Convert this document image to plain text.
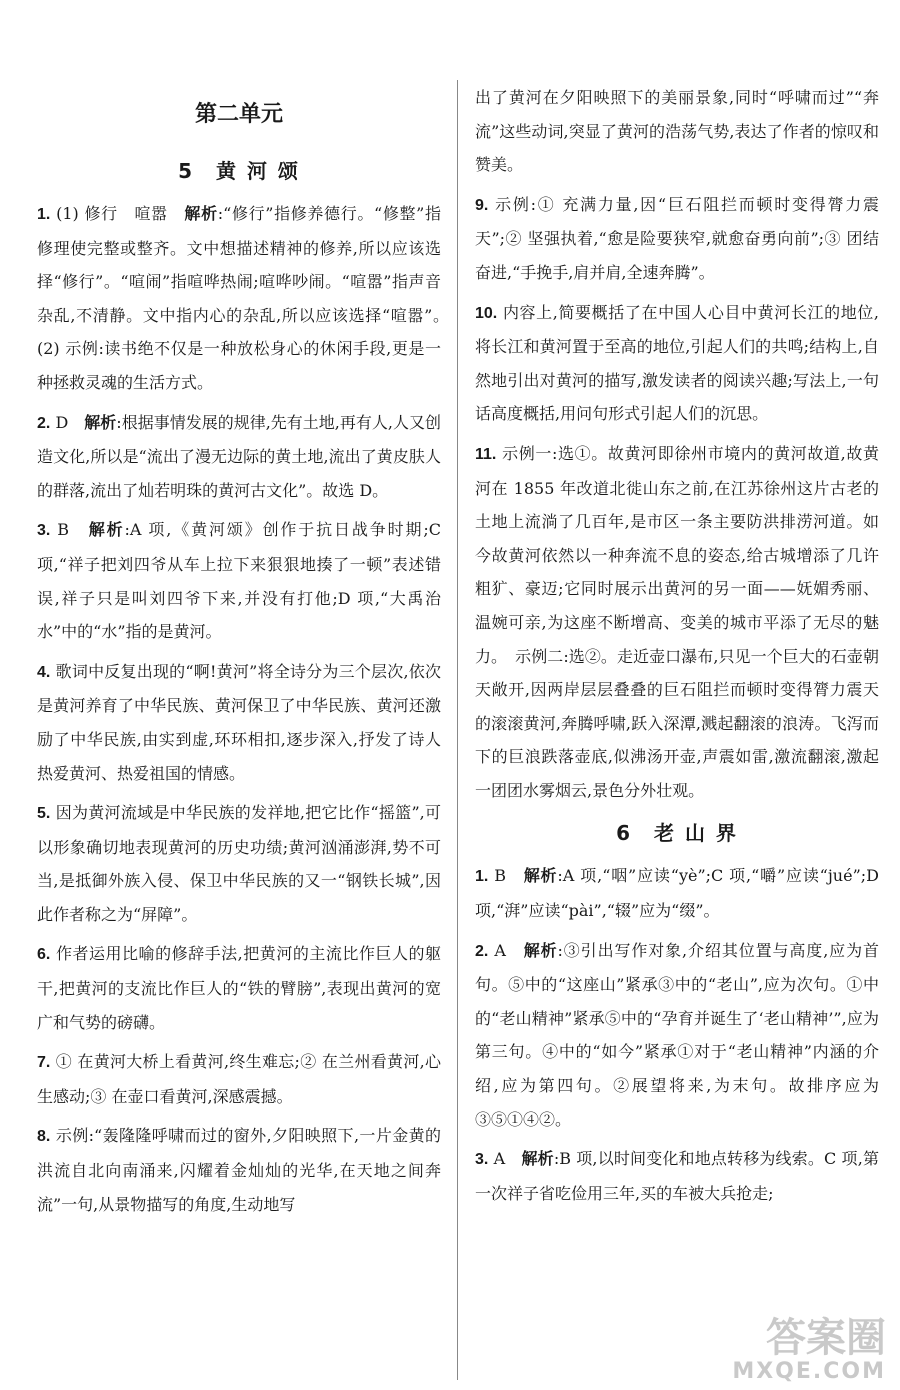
第二单元
5　黄 河 颂
1. (1) 修行　喧嚣　解析:“修行”指修养德行。“修整”指修理使完整或整齐。文中想描述精神的修养,所以应该选择“修行”。“喧闹”指喧哗热闹;喧哗吵闹。“喧嚣”指声音杂乱,不清静。文中指内心的杂乱,所以应该选择“喧嚣”。　(2) 示例:读书绝不仅是一种放松身心的休闲手段,更是一种拯救灵魂的生活方式。
2. D　解析:根据事情发展的规律,先有土地,再有人,人又创造文化,所以是“流出了漫无边际的黄土地,流出了黄皮肤人的群落,流出了灿若明珠的黄河古文化”。故选 D。
3. B　解析:A 项,《黄河颂》创作于抗日战争时期;C 项,“祥子把刘四爷从车上拉下来狠狠地揍了一顿”表述错误,祥子只是叫刘四爷下来,并没有打他;D 项,“大禹治水”中的“水”指的是黄河。
4. 歌词中反复出现的“啊!黄河”将全诗分为三个层次,依次是黄河养育了中华民族、黄河保卫了中华民族、黄河还激励了中华民族,由实到虚,环环相扣,逐步深入,抒发了诗人热爱黄河、热爱祖国的情感。
5. 因为黄河流域是中华民族的发祥地,把它比作“摇篮”,可以形象确切地表现黄河的历史功绩;黄河汹涌澎湃,势不可当,是抵御外族入侵、保卫中华民族的又一“钢铁长城”,因此作者称之为“屏障”。
6. 作者运用比喻的修辞手法,把黄河的主流比作巨人的躯干,把黄河的支流比作巨人的“铁的臂膀”,表现出黄河的宽广和气势的磅礴。
7. ① 在黄河大桥上看黄河,终生难忘;② 在兰州看黄河,心生感动;③ 在壶口看黄河,深感震撼。
8. 示例:“轰隆隆呼啸而过的窗外,夕阳映照下,一片金黄的洪流自北向南涌来,闪耀着金灿灿的光华,在天地之间奔流”一句,从景物描写的角度,生动地写
出了黄河在夕阳映照下的美丽景象,同时“呼啸而过”“奔流”这些动词,突显了黄河的浩荡气势,表达了作者的惊叹和赞美。
9. 示例:① 充满力量,因“巨石阻拦而顿时变得膂力震天”;② 坚强执着,“愈是险要狭窄,就愈奋勇向前”;③ 团结奋进,“手挽手,肩并肩,全速奔腾”。
10. 内容上,简要概括了在中国人心目中黄河长江的地位,将长江和黄河置于至高的地位,引起人们的共鸣;结构上,自然地引出对黄河的描写,激发读者的阅读兴趣;写法上,一句话高度概括,用问句形式引起人们的沉思。
11. 示例一:选①。故黄河即徐州市境内的黄河故道,故黄河在 1855 年改道北徙山东之前,在江苏徐州这片古老的土地上流淌了几百年,是市区一条主要防洪排涝河道。如今故黄河依然以一种奔流不息的姿态,给古城增添了几许粗犷、豪迈;它同时展示出黄河的另一面——妩媚秀丽、温婉可亲,为这座不断增高、变美的城市平添了无尽的魅力。　示例二:选②。走近壶口瀑布,只见一个巨大的石壶朝天敞开,因两岸层层叠叠的巨石阻拦而顿时变得膂力震天的滚滚黄河,奔腾呼啸,跃入深潭,溅起翻滚的浪涛。飞泻而下的巨浪跌落壶底,似沸汤开壶,声震如雷,激流翻滚,激起一团团水雾烟云,景色分外壮观。
6　老 山 界
1. B　解析:A 项,“咽”应读“yè”;C 项,“嚼”应读“jué”;D 项,“湃”应读“pài”,“辍”应为“缀”。
2. A　解析:③引出写作对象,介绍其位置与高度,应为首句。⑤中的“这座山”紧承③中的“老山”,应为次句。①中的“老山精神”紧承⑤中的“孕育并诞生了‘老山精神’”,应为第三句。④中的“如今”紧承①对于“老山精神”内涵的介绍,应为第四句。②展望将来,为末句。故排序应为③⑤①④②。
3. A　解析:B 项,以时间变化和地点转移为线索。C 项,第一次祥子省吃俭用三年,买的车被大兵抢走;
答案圈
MXQE.COM
